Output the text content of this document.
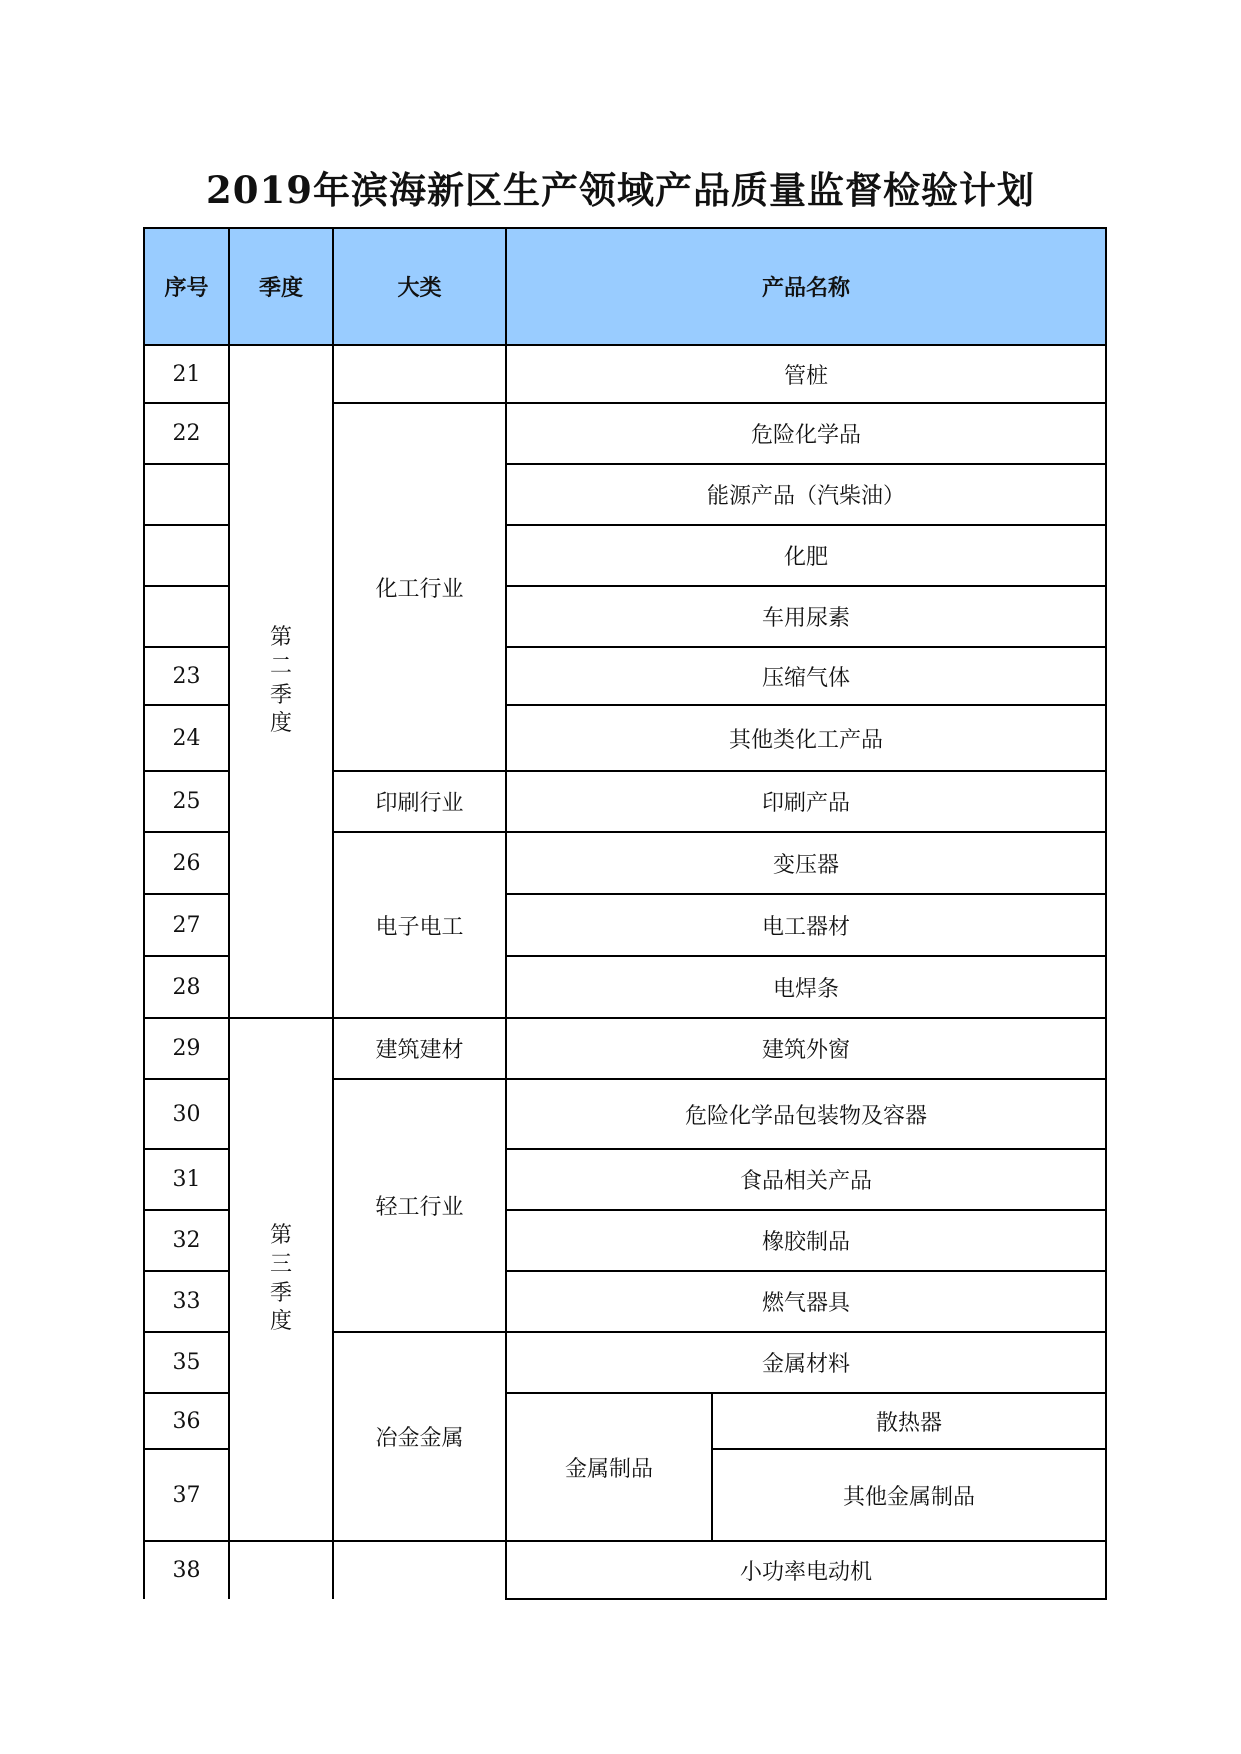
2019年滨海新区生产领域产品质量监督检验计划
序号	季度	大类	产品名称	
21	第二季度		管桩	
22		化工行业	危险化学品	
			能源产品（汽柴油）	
			化肥	
			车用尿素	
23			压缩气体	
24			其他类化工产品	
25		印刷行业	印刷产品	
26		电子电工	变压器	
27			电工器材	
28			电焊条	
29	第三季度	建筑建材	建筑外窗	
30		轻工行业	危险化学品包装物及容器	
31			食品相关产品	
32			橡胶制品	
33			燃气器具	
35		冶金金属	金属材料	
36			金属制品	散热器
37				其他金属制品
38			小功率电动机	
